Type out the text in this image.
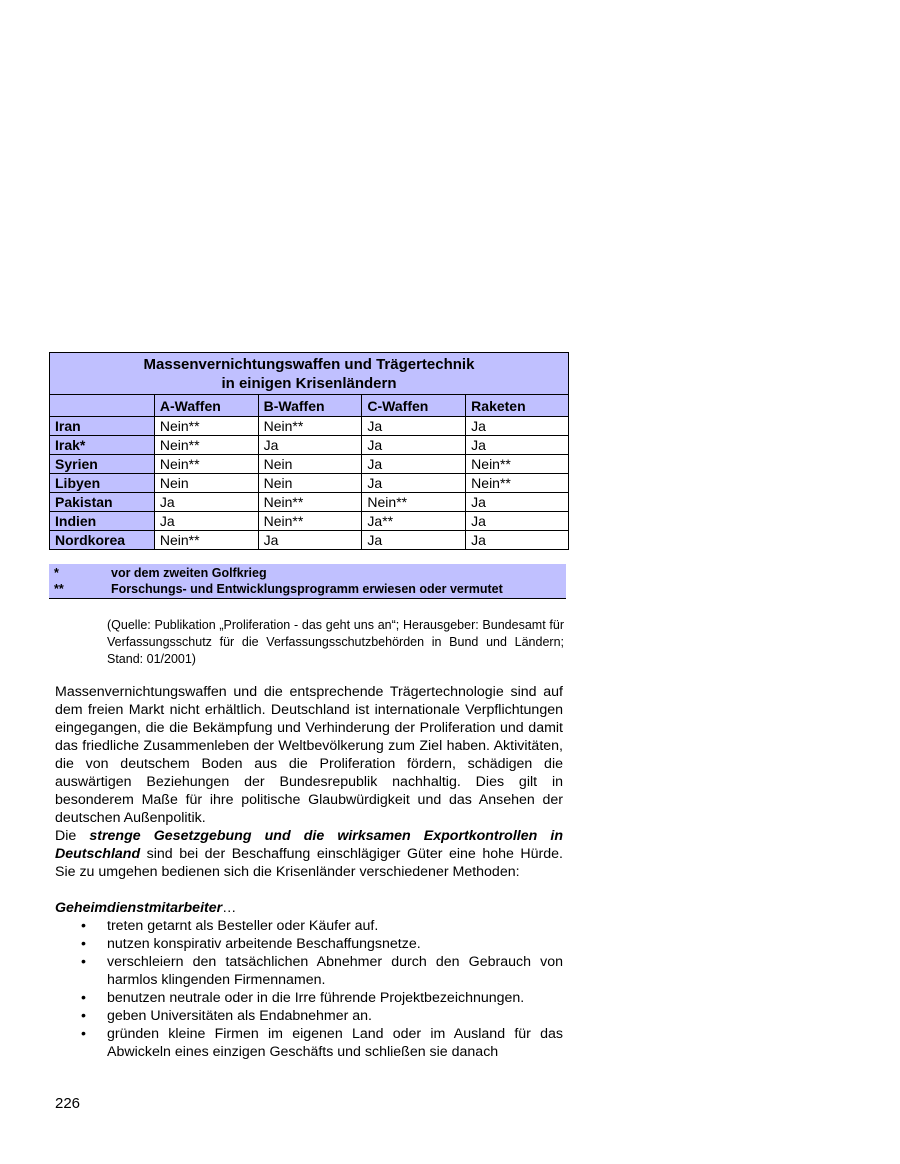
Massenvernichtungswaffen und Trägertechnik
in einigen Krisenländern				
	A-Waffen	B-Waffen	C-Waffen	Raketen
Iran	Nein**	Nein**	Ja	Ja
Irak*	Nein**	Ja	Ja	Ja
Syrien	Nein**	Nein	Ja	Nein**
Libyen	Nein	Nein	Ja	Nein**
Pakistan	Ja	Nein**	Nein**	Ja
Indien	Ja	Nein**	Ja**	Ja
Nordkorea	Nein**	Ja	Ja	Ja
*	vor dem zweiten Golfkrieg
**	Forschungs- und Entwicklungsprogramm erwiesen oder vermutet
(Quelle: Publikation „Proliferation - das geht uns an“; Herausgeber: Bundesamt für Verfassungsschutz für die Verfassungsschutzbehörden in Bund und Ländern; Stand: 01/2001)

Massenvernichtungswaffen und die entsprechende Trägertechnologie sind auf dem freien Markt nicht erhältlich. Deutschland ist internationale Verpflichtungen eingegangen, die die Bekämpfung und Verhinderung der Proliferation und damit das friedliche Zusammenleben der Weltbevölkerung zum Ziel haben. Aktivitäten, die von deutschem Boden aus die Proliferation fördern, schädigen die auswärtigen Beziehungen der Bundesrepublik nachhaltig. Dies gilt in besonderem Maße für ihre politische Glaubwürdigkeit und das Ansehen der deutschen Außenpolitik.

Die strenge Gesetzgebung und die wirksamen Exportkontrollen in Deutschland sind bei der Beschaffung einschlägiger Güter eine hohe Hürde. Sie zu umgehen bedienen sich die Krisenländer verschiedener Methoden:

Geheimdienstmitarbeiter…

• treten getarnt als Besteller oder Käufer auf.
• nutzen konspirativ arbeitende Beschaffungsnetze.
• verschleiern den tatsächlichen Abnehmer durch den Gebrauch von harmlos klingenden Firmennamen.
• benutzen neutrale oder in die Irre führende Projektbezeichnungen.
• geben Universitäten als Endabnehmer an.
• gründen kleine Firmen im eigenen Land oder im Ausland für das Abwickeln eines einzigen Geschäfts und schließen sie danach
226
